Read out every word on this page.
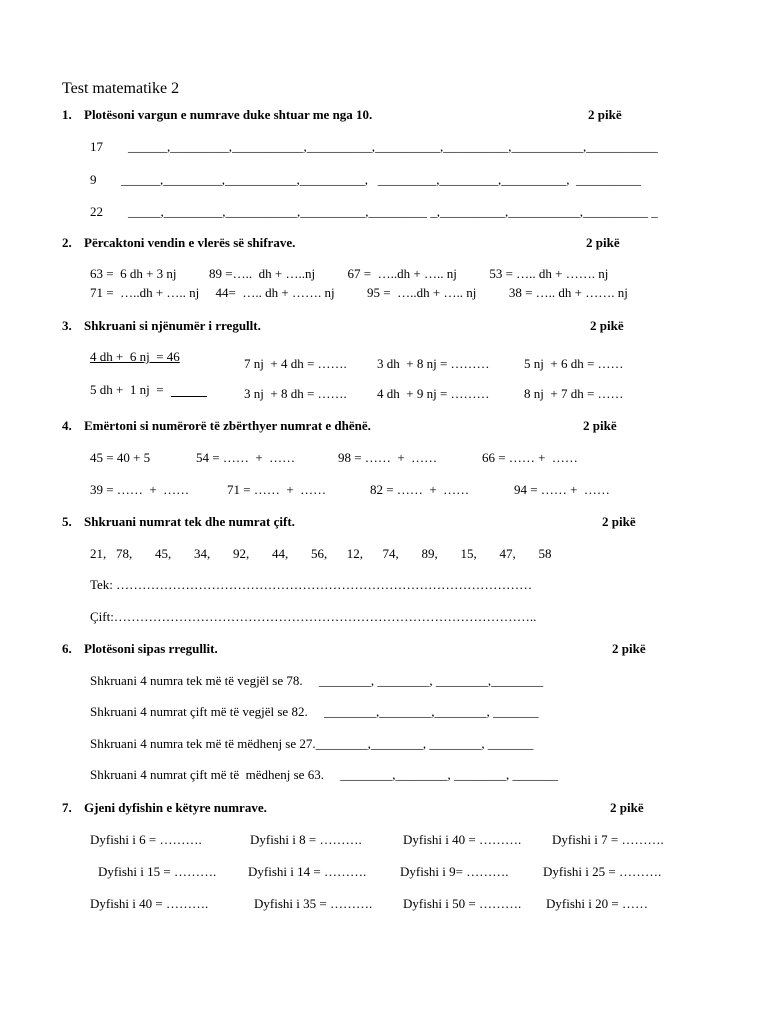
Test matematike 2
1. Plotësoni vargun e numrave duke shtuar me nga 10.	2 pikë
17 ______,_________,___________,__________,__________,__________,___________,___________
9 ______,_________,___________,__________,   _________,_________,__________,  __________
22 _____,_________,___________,__________,_________ _,__________,___________,__________ _
2. Përcaktoni vendin e vlerës së shifrave.	2 pikë
63 =  6 dh + 3 nj          89 =…..  dh + …..nj          67 =  …..dh + ….. nj          53 = ….. dh + ……. nj
71 =  …..dh + ….. nj     44=  ….. dh + ……. nj          95 =  …..dh + ….. nj          38 = ….. dh + ……. nj
3. Shkruani si njënumër i rregullt.	2 pikë
4 dh +  6 nj  = 46	7 nj  + 4 dh = ……. 3 dh  + 8 nj = ………	5 nj  + 6 dh = ……
5 dh +  1 nj  =	3 nj  + 8 dh = ……. 4 dh  + 9 nj = ………	8 nj  + 7 dh = ……
4. Emërtoni si numërorë të zbërthyer numrat e dhënë.	2 pikë
45 = 40 + 5	54 = ……  +  ……	98 = ……  +  ……	66 = …… +  ……
39 = ……  +  ……	71 = ……  +  ……	82 = ……  +  ……	94 = …… +  ……
5. Shkruani numrat tek dhe numrat çift.	2 pikë
21,   78,       45,       34,       92,       44,       56,      12,      74,       89,       15,       47,       58
Tek: ……………………………………………………………………………………
Çift:……………………………………………………………………………………..
6. Plotësoni sipas rregullit.	2 pikë
Shkruani 4 numra tek më të vegjël se 78.     ________, ________, ________,________
Shkruani 4 numrat çift më të vegjël se 82.     ________,________,________, _______
Shkruani 4 numra tek më të mëdhenj se 27.________,________, ________, _______
Shkruani 4 numrat çift më të  mëdhenj se 63.     ________,________, ________, _______
7. Gjeni dyfishin e këtyre numrave.	2 pikë
Dyfishi i 6 = ……….	Dyfishi i 8 = ……….	Dyfishi i 40 = ………. Dyfishi i 7 = ……….
Dyfishi i 15 = ………. Dyfishi i 14 = ……….	Dyfishi i 9= ……….	Dyfishi i 25 = ……….
Dyfishi i 40 = ……….	Dyfishi i 35 = ………. Dyfishi i 50 = ………. Dyfishi i 20 = ……
